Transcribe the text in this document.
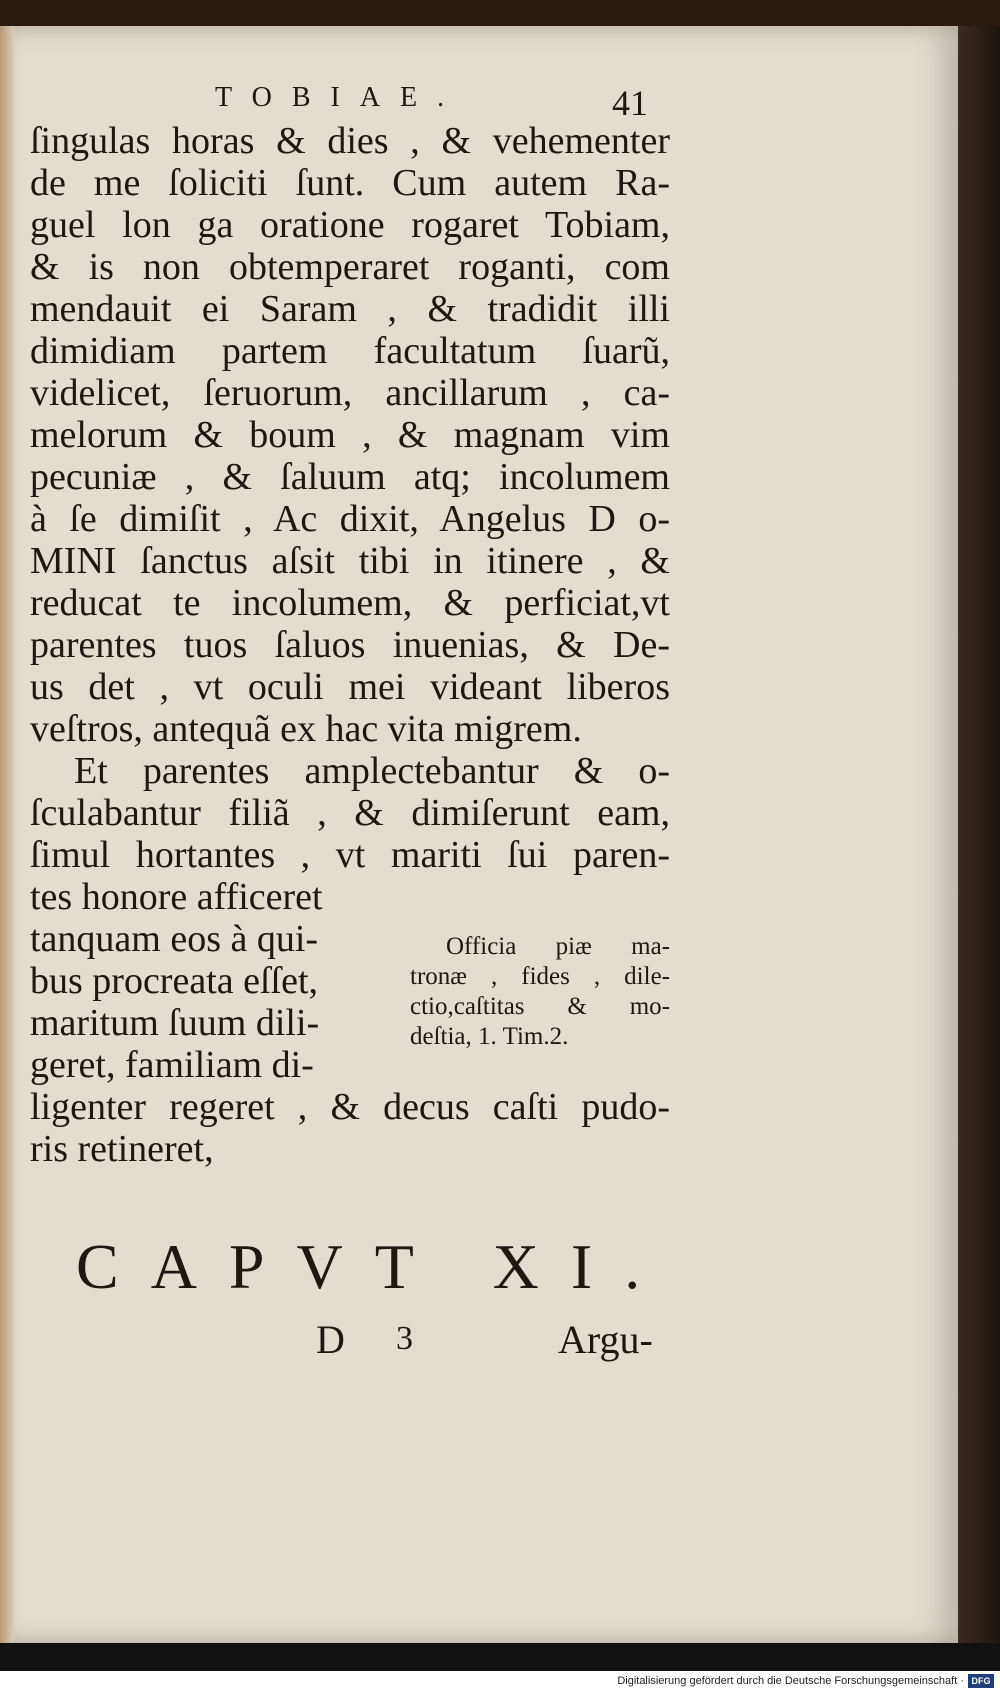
TOBIAE.	41
ſingulas horas & dies , & vehementer
de me ſoliciti ſunt. Cum autem Ra-
guel lon ga oratione rogaret Tobiam,
& is non obtemperaret roganti, com
mendauit ei Saram , & tradidit illi
dimidiam partem facultatum ſuarũ,
videlicet, ſeruorum, ancillarum , ca-
melorum & boum , & magnam vim
pecuniæ , & ſaluum atq; incolumem
à ſe dimiſit , Ac dixit, Angelus D o-
MINI ſanctus aſsit tibi in itinere , &
reducat te incolumem, & perficiat,vt
parentes tuos ſaluos inuenias, & De-
us det , vt oculi mei videant liberos
veſtros, antequã ex hac vita migrem.
Et parentes amplectebantur & o-
ſculabantur filiã , & dimiſerunt eam,
ſimul hortantes , vt mariti ſui paren-
tes honore afficeret
tanquam eos à qui-
bus procreata eſſet,
maritum ſuum dili-
geret, familiam di-
Officia piæ ma-
tronæ , fides , dile-
ctio,caſtitas & mo-
deſtia, 1. Tim.2.
ligenter regeret , & decus caſti pudo-
ris retineret,
CAPVT XI.
D 3	Argu-
Digitalisierung gefördert durch die Deutsche Forschungsgemeinschaft · DFG
